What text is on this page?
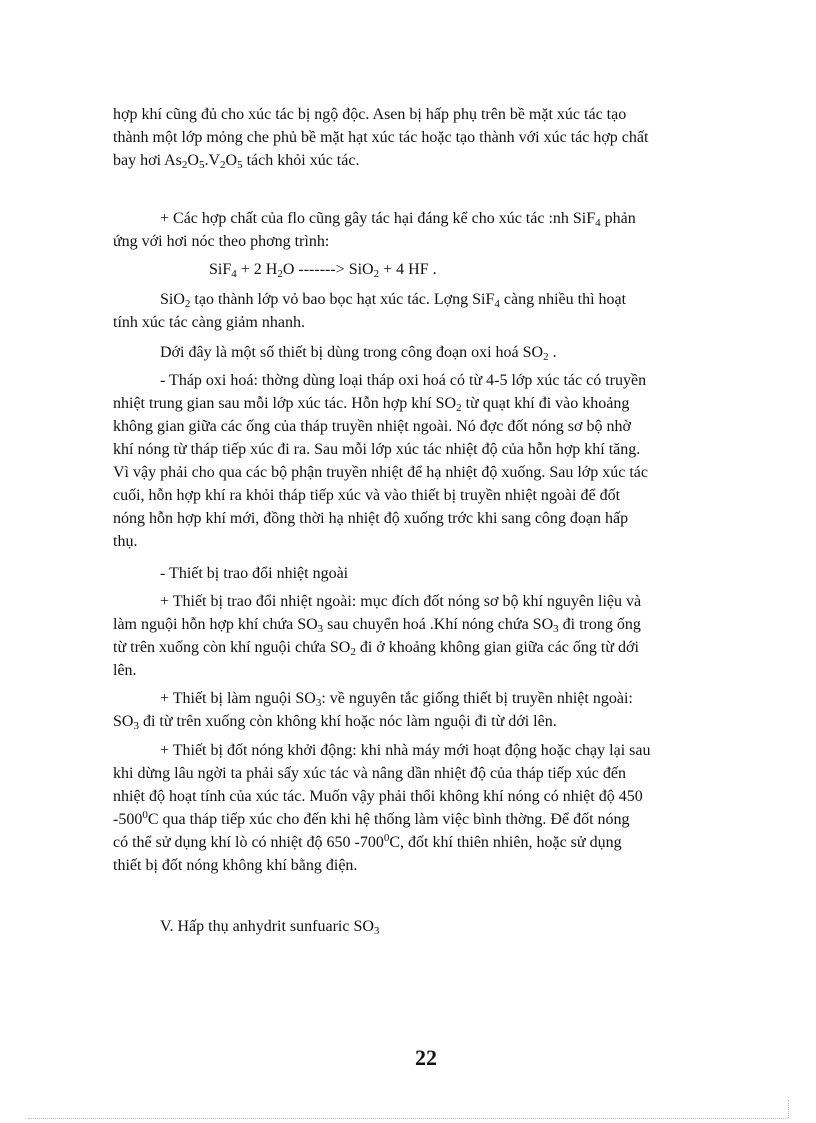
hợp khí cũng đủ cho xúc tác bị ngộ độc. Asen bị hấp phụ trên bề mặt xúc tác tạo
thành một lớp mỏng che phủ bề mặt hạt xúc tác hoặc tạo thành với xúc tác hợp chất
bay hơi $As_2O_5.V_2O_5$ tách khỏi xúc tác.
+ Các hợp chất của flo cũng gây tác hại đáng kể cho xúc tác :nh SiF$_4$ phản
ứng với hơi nóc theo phơng trình:
SiF$_4$ + 2 $H_2O$ -------> SiO$_2$ + 4 HF .
SiO$_2$ tạo thành lớp vỏ bao bọc hạt xúc tác. Lợng SiF$_4$ càng nhiều thì hoạt
tính xúc tác càng giảm nhanh.
Dới đây là một số thiết bị dùng trong công đoạn oxi hoá $SO_2$ .
- Tháp oxi hoá: thờng dùng loại tháp oxi hoá có từ 4-5 lớp xúc tác có truyền
nhiệt trung gian sau mỗi lớp xúc tác. Hỗn hợp khí $SO_2$ từ quạt khí đi vào khoảng
không gian giữa các ống của tháp truyền nhiệt ngoài. Nó đợc đốt nóng sơ bộ nhờ
khí nóng từ tháp tiếp xúc đi ra. Sau mỗi lớp xúc tác nhiệt độ của hỗn hợp khí tăng.
Vì vậy phải cho qua các bộ phận truyền nhiệt để hạ nhiệt độ xuống. Sau lớp xúc tác
cuối, hỗn hợp khí ra khỏi tháp tiếp xúc và vào thiết bị truyền nhiệt ngoài để đốt
nóng hỗn hợp khí mới, đồng thời hạ nhiệt độ xuống trớc khi sang công đoạn hấp
thụ.
- Thiết bị trao đổi nhiệt ngoài
+ Thiết bị trao đổi nhiệt ngoài: mục đích đốt nóng sơ bộ khí nguyên liệu và
làm nguội hỗn hợp khí chứa $SO_3$ sau chuyển hoá .Khí nóng chứa $SO_3$ đi trong ống
từ trên xuống còn khí nguội chứa $SO_2$ đi ở khoảng không gian giữa các ống từ dới
lên.
+ Thiết bị làm nguội $SO_3$: về nguyên tắc giống thiết bị truyền nhiệt ngoài:
$SO_3$ đi từ trên xuống còn không khí hoặc nóc làm nguội đi từ dới lên.
+ Thiết bị đốt nóng khởi động: khi nhà máy mới hoạt động hoặc chạy lại sau
khi dừng lâu ngời ta phải sấy xúc tác và nâng dần nhiệt độ của tháp tiếp xúc đến
nhiệt độ hoạt tính của xúc tác. Muốn vậy phải thổi không khí nóng có nhiệt độ 450
$-500^0C$ qua tháp tiếp xúc cho đến khi hệ thống làm việc bình thờng. Để đốt nóng
có thể sử dụng khí lò có nhiệt độ 650 $-700^0C$, đốt khí thiên nhiên, hoặc sử dụng
thiết bị đốt nóng không khí bằng điện.
V. Hấp thụ anhydrit sunfuaric $SO_3$
22
